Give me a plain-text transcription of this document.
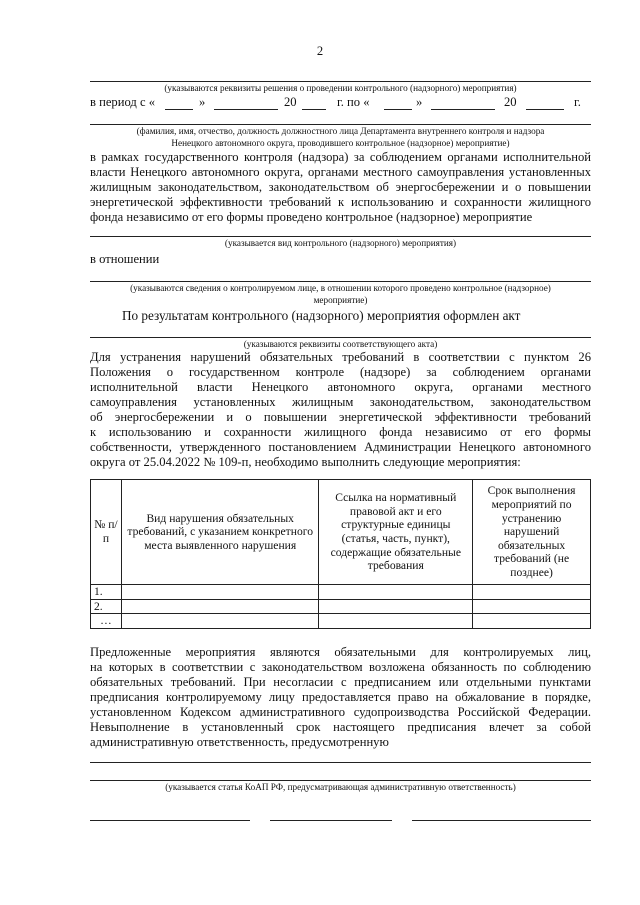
2
(указываются реквизиты решения о проведении контрольного (надзорного) мероприятия)
в период с «	»	20	г. по «	»	20	г.
(фамилия, имя, отчество, должность должностного лица Департамента внутреннего контроля и надзора
Ненецкого автономного округа, проводившего контрольное (надзорное) мероприятие)
в рамках государственного контроля (надзора) за соблюдением органами исполнительной
власти Ненецкого автономного округа, органами местного самоуправления установленных
жилищным законодательством, законодательством об энергосбережении и о повышении
энергетической эффективности требований к использованию и сохранности жилищного
фонда независимо от его формы проведено контрольное (надзорное) мероприятие
(указывается вид контрольного (надзорного) мероприятия)
в отношении
(указываются сведения о контролируемом лице, в отношении которого проведено контрольное (надзорное)
мероприятие)
По результатам контрольного (надзорного) мероприятия оформлен акт
(указываются реквизиты соответствующего акта)
Для устранения нарушений обязательных требований в соответствии с пунктом 26
Положения о государственном контроле (надзоре) за соблюдением органами
исполнительной власти Ненецкого автономного округа, органами местного
самоуправления установленных жилищным законодательством, законодательством
об энергосбережении и о повышении энергетической эффективности требований
к использованию и сохранности жилищного фонда независимо от его формы
собственности, утвержденного постановлением Администрации Ненецкого автономного
округа от 25.04.2022 № 109-п, необходимо выполнить следующие мероприятия:
№ п/п	Вид нарушения обязательных требований, с указанием конкретного места выявленного нарушения	Ссылка на нормативный правовой акт и его структурные единицы (статья, часть, пункт), содержащие обязательные требования	Срок выполнения мероприятий по устранению нарушений обязательных требований (не позднее)
1.			
2.			
…			
Предложенные мероприятия являются обязательными для контролируемых лиц,
на которых в соответствии с законодательством возложена обязанность по соблюдению
обязательных требований. При несогласии с предписанием или отдельными пунктами
предписания контролируемому лицу предоставляется право на обжалование в порядке,
установленном Кодексом административного судопроизводства Российской Федерации.
Невыполнение в установленный срок настоящего предписания влечет за собой
административную ответственность, предусмотренную
(указывается статья КоАП РФ, предусматривающая административную ответственность)
